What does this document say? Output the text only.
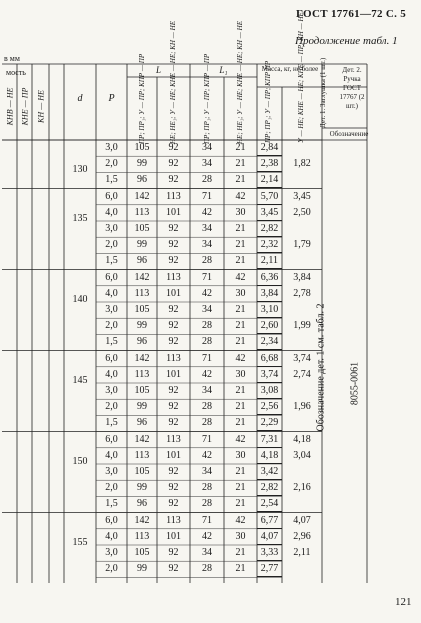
ГОСТ 17761—72 С. 5
Продолжение табл. 1
в мм
мость
КНВ — НЕ КНЕ — ПР КН — НЕ	d	P
L	L₁
ПР; ПР₁; У — ПР; КПР — ПР	НЕ; НЕ₁; У — НЕ; КНЕ — НЕ; КН — НЕ	ПР; ПР₁; У — ПР; КПР — ПР	НЕ; НЕ₁; У — НЕ; КНЕ — НЕ; КН — НЕ	Масса, кг, не более
ПР; ПР₁; У — ПР; КПР ПР	У — НЕ; КНЕ — НЕ; КНЕ — ПР; КН — НЕ Дет. 1. Заглушка (1 шт.)	Дет. 2. Ручка ГОСТ 17767 (2 шт.)
Обозначение
130
3,0	105	92	34	21	2,84
2,0	99	92	34	21	2,38	1,82
1,5	96	92	28	21	2,14
135
6,0	142	113	71	42	5,70	3,45
4,0	113	101	42	30	3,45	2,50
3,0	105	92	34	21	2,82
2,0	99	92	34	21	2,32	1,79
1,5	96	92	28	21	2,11
140
6,0	142	113	71	42	6,36	3,84
4,0	113	101	42	30	3,84	2,78
3,0	105	92	34	21	3,10
2,0	99	92	28	21	2,60	1,99
1,5	96	92	28	21	2,34
145
6,0	142	113	71	42	6,68	3,74
4,0	113	101	42	30	3,74	2,74
3,0	105	92	34	21	3,08
2,0	99	92	28	21	2,56	1,96
1,5	96	92	28	21	2,29
150
6,0	142	113	71	42	7,31	4,18
4,0	113	101	42	30	4,18	3,04
3,0	105	92	34	21	3,42
2,0	99	92	28	21	2,82	2,16
1,5	96	92	28	21	2,54
155
6,0	142	113	71	42	6,77	4,07
4,0	113	101	42	30	4,07	2,96
3,0	105	92	34	21	3,33	2,11
2,0	99	92	28	21	2,77
Обозначение дет. 1 см. табл. 2 8055-0061
121
